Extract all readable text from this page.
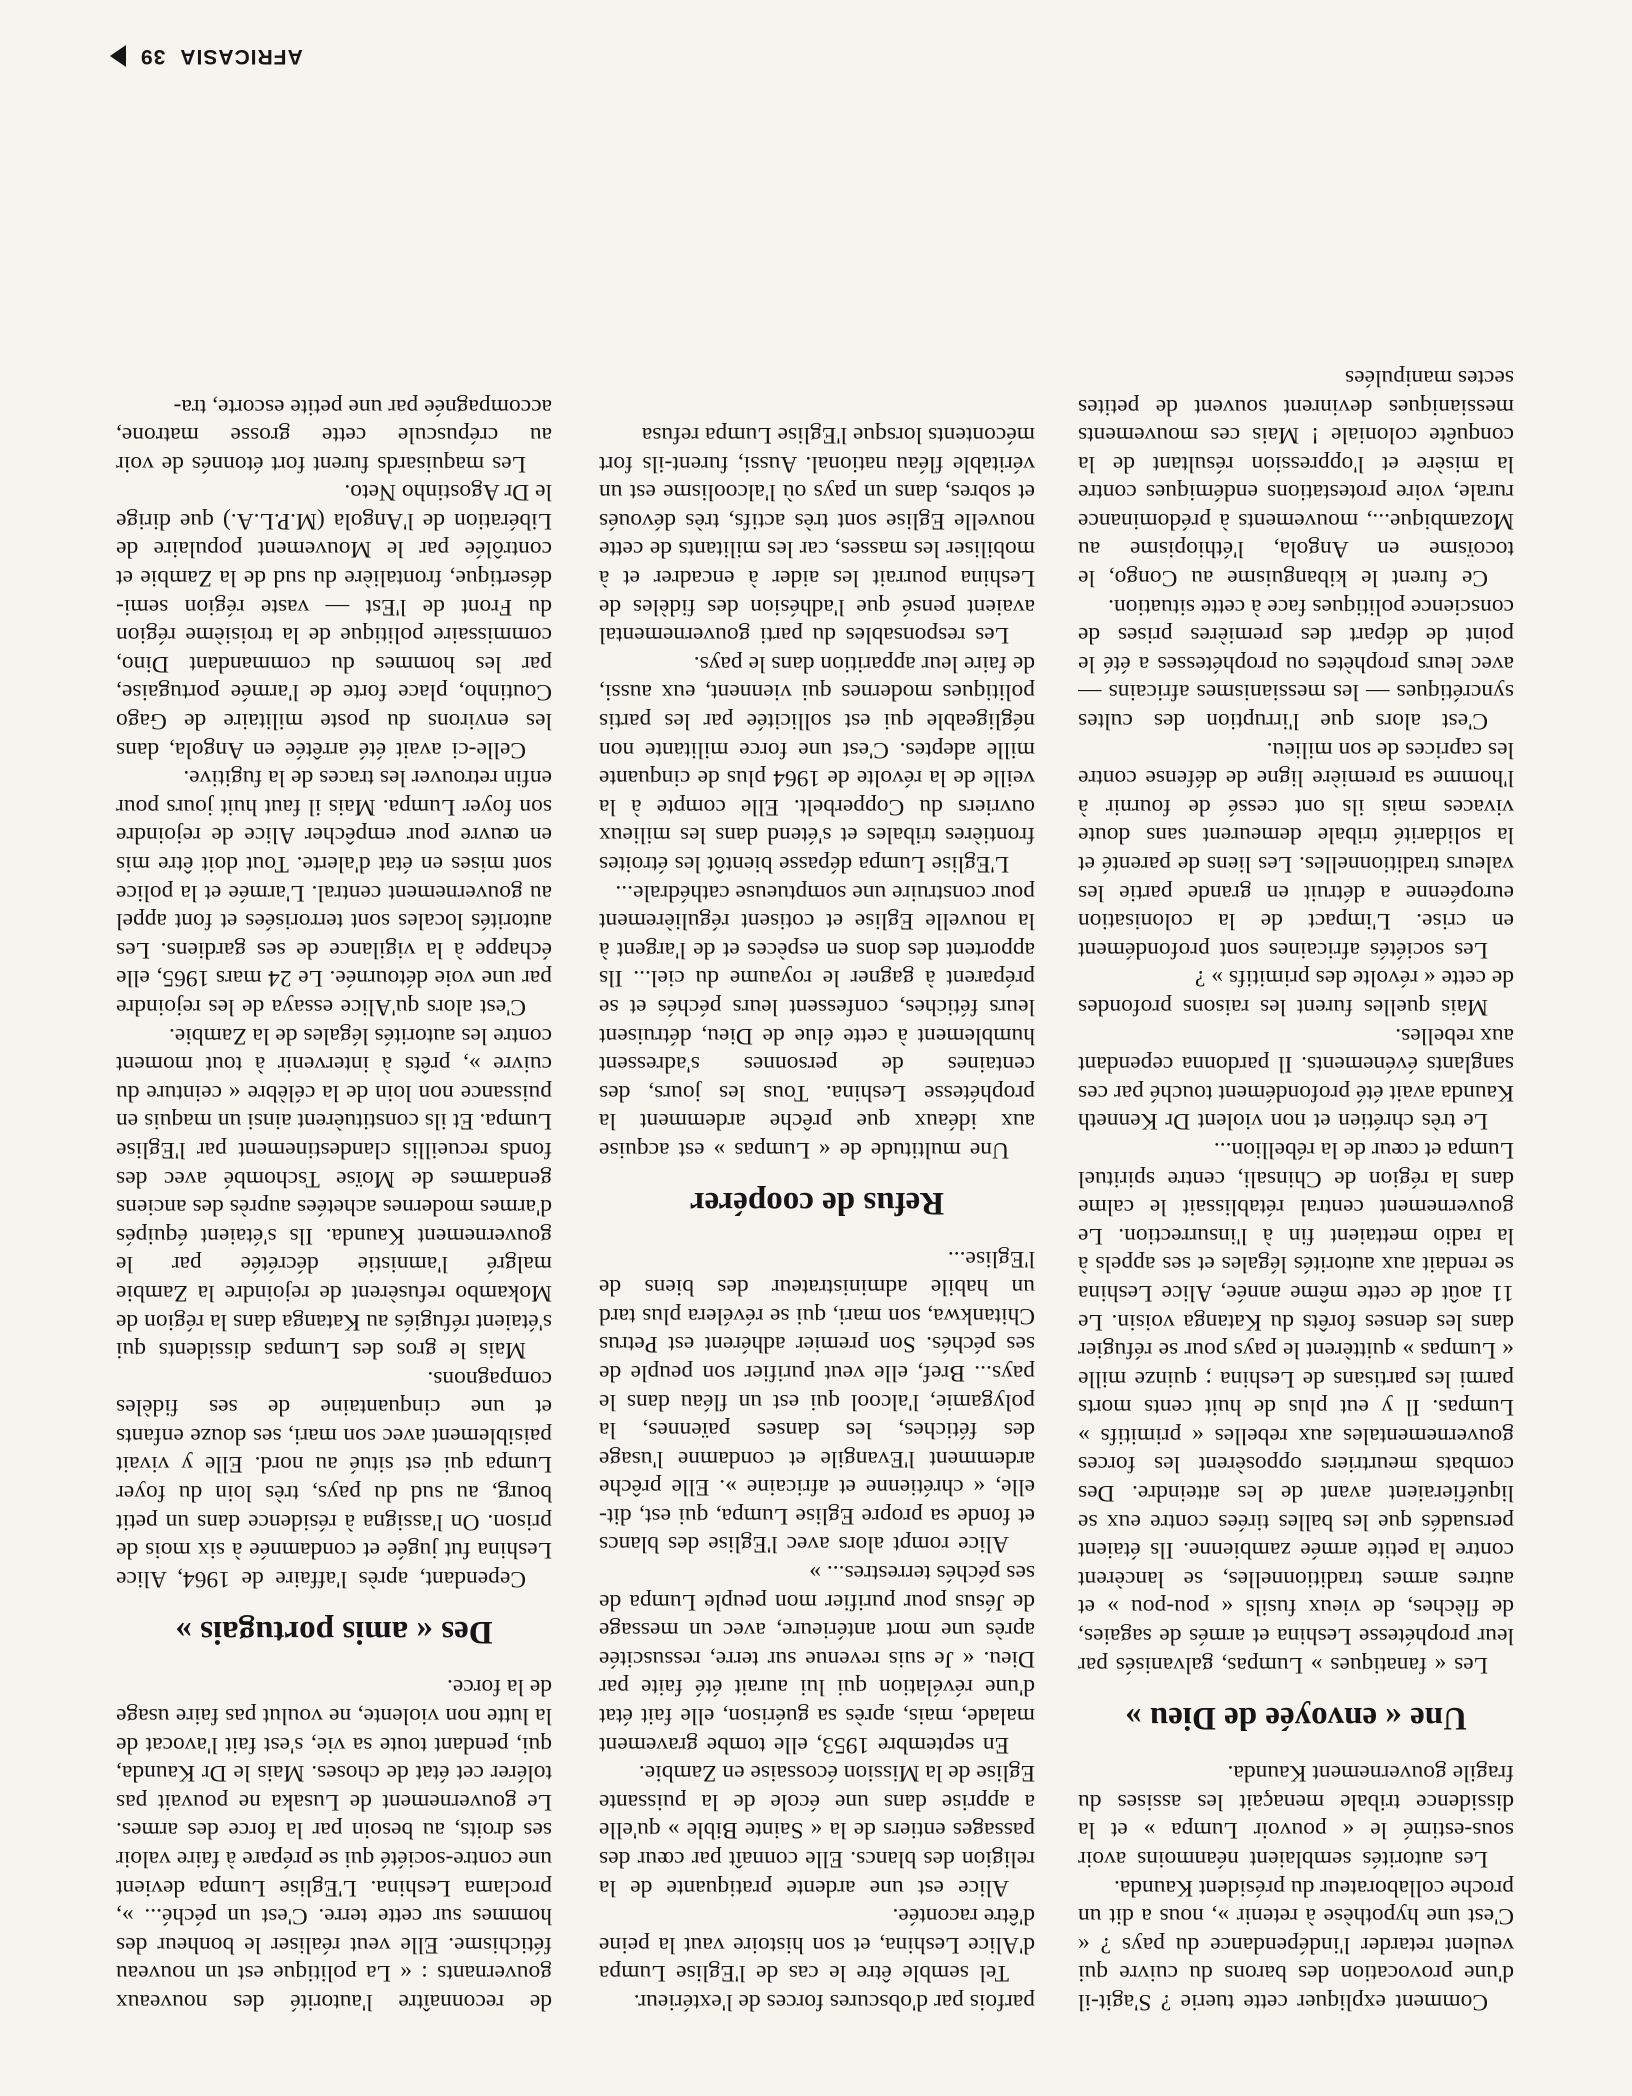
AFRICASIA
39

Comment expliquer cette tuerie ? S'agit-il d'une provocation des barons du cuivre qui veulent retarder l'indépendance du pays ? « C'est une hypothèse à retenir », nous a dit un proche collaborateur du président Kaunda.

Les autorités semblaient néanmoins avoir sous-estimé le « pouvoir Lumpa » et la dissidence tribale menaçait les assises du fragile gouvernement Kaunda.

Une « envoyée de Dieu »

Les « fanatiques » Lumpas, galvanisés par leur prophétesse Leshina et armés de sagaies, de flèches, de vieux fusils « pou-pou » et autres armes traditionnelles, se lancèrent contre la petite armée zambienne. Ils étaient persuadés que les balles tirées contre eux se liquéfieraient avant de les atteindre. Des combats meurtriers opposèrent les forces gouvernementales aux rebelles « primitifs » Lumpas. Il y eut plus de huit cents morts parmi les partisans de Leshina ; quinze mille « Lumpas » quittèrent le pays pour se réfugier dans les denses forêts du Katanga voisin. Le 11 août de cette même année, Alice Leshina se rendait aux autorités légales et ses appels à la radio mettaient fin à l'insurrection. Le gouvernement central rétablissait le calme dans la région de Chinsali, centre spirituel Lumpa et cœur de la rébellion...

Le très chrétien et non violent Dr Kenneth Kaunda avait été profondément touché par ces sanglants événements. Il pardonna cependant aux rebelles.

Mais quelles furent les raisons profondes de cette « révolte des primitifs » ?

Les sociétés africaines sont profondément en crise. L'impact de la colonisation européenne a détruit en grande partie les valeurs traditionnelles. Les liens de parenté et la solidarité tribale demeurent sans doute vivaces mais ils ont cessé de fournir à l'homme sa première ligne de défense contre les caprices de son milieu.

C'est alors que l'irruption des cultes syncrétiques — les messianismes africains — avec leurs prophètes ou prophétesses a été le point de départ des premières prises de conscience politiques face à cette situation.

Ce furent le kibanguisme au Congo, le tocoïsme en Angola, l'éthiopisme au Mozambique..., mouvements à prédominance rurale, voire protestations endémiques contre la misère et l'oppression résultant de la conquête coloniale ! Mais ces mouvements messianiques devinrent souvent de petites sectes manipulées

parfois par d'obscures forces de l'extérieur.

Tel semble être le cas de l'Eglise Lumpa d'Alice Leshina, et son histoire vaut la peine d'être racontée.

Alice est une ardente pratiquante de la religion des blancs. Elle connaît par cœur des passages entiers de la « Sainte Bible » qu'elle a apprise dans une école de la puissante Eglise de la Mission écossaise en Zambie.

En septembre 1953, elle tombe gravement malade, mais, après sa guérison, elle fait état d'une révélation qui lui aurait été faite par Dieu. « Je suis revenue sur terre, ressuscitée après une mort antérieure, avec un message de Jésus pour purifier mon peuple Lumpa de ses péchés terrestres... »

Alice rompt alors avec l'Eglise des blancs et fonde sa propre Eglise Lumpa, qui est, dit-elle, « chrétienne et africaine ». Elle prêche ardemment l'Evangile et condamne l'usage des fétiches, les danses païennes, la polygamie, l'alcool qui est un fléau dans le pays... Bref, elle veut purifier son peuple de ses péchés. Son premier adhérent est Petrus Chitankwa, son mari, qui se révélera plus tard un habile administrateur des biens de l'Eglise...

Refus de coopérer

Une multitude de « Lumpas » est acquise aux idéaux que prêche ardemment la prophétesse Leshina. Tous les jours, des centaines de personnes s'adressent humblement à cette élue de Dieu, détruisent leurs fétiches, confessent leurs péchés et se préparent à gagner le royaume du ciel... Ils apportent des dons en espèces et de l'argent à la nouvelle Eglise et cotisent régulièrement pour construire une somptueuse cathédrale...

L'Eglise Lumpa dépasse bientôt les étroites frontières tribales et s'étend dans les milieux ouvriers du Copperbelt. Elle compte à la veille de la révolte de 1964 plus de cinquante mille adeptes. C'est une force militante non négligeable qui est sollicitée par les partis politiques modernes qui viennent, eux aussi, de faire leur apparition dans le pays.

Les responsables du parti gouvernemental avaient pensé que l'adhésion des fidèles de Leshina pourrait les aider à encadrer et à mobiliser les masses, car les militants de cette nouvelle Eglise sont très actifs, très dévoués et sobres, dans un pays où l'alcoolisme est un véritable fléau national. Aussi, furent-ils fort mécontents lorsque l'Eglise Lumpa refusa

de reconnaître l'autorité des nouveaux gouvernants : « La politique est un nouveau fétichisme. Elle veut réaliser le bonheur des hommes sur cette terre. C'est un péché... », proclama Leshina. L'Eglise Lumpa devient une contre-société qui se prépare à faire valoir ses droits, au besoin par la force des armes. Le gouvernement de Lusaka ne pouvait pas tolérer cet état de choses. Mais le Dr Kaunda, qui, pendant toute sa vie, s'est fait l'avocat de la lutte non violente, ne voulut pas faire usage de la force.

Des « amis portugais »

Cependant, après l'affaire de 1964, Alice Leshina fut jugée et condamnée à six mois de prison. On l'assigna à résidence dans un petit bourg, au sud du pays, très loin du foyer Lumpa qui est situé au nord. Elle y vivait paisiblement avec son mari, ses douze enfants et une cinquantaine de ses fidèles compagnons.

Mais le gros des Lumpas dissidents qui s'étaient réfugiés au Katanga dans la région de Mokambo refusèrent de rejoindre la Zambie malgré l'amnistie décrétée par le gouvernement Kaunda. Ils s'étaient équipés d'armes modernes achetées auprès des anciens gendarmes de Moïse Tschombé avec des fonds recueillis clandestinement par l'Eglise Lumpa. Et ils constituèrent ainsi un maquis en puissance non loin de la célèbre « ceinture du cuivre », prêts à intervenir à tout moment contre les autorités légales de la Zambie.

C'est alors qu'Alice essaya de les rejoindre par une voie détournée. Le 24 mars 1965, elle échappe à la vigilance de ses gardiens. Les autorités locales sont terrorisées et font appel au gouvernement central. L'armée et la police sont mises en état d'alerte. Tout doit être mis en œuvre pour empêcher Alice de rejoindre son foyer Lumpa. Mais il faut huit jours pour enfin retrouver les traces de la fugitive.

Celle-ci avait été arrêtée en Angola, dans les environs du poste militaire de Gago Coutinho, place forte de l'armée portugaise, par les hommes du commandant Dino, commissaire politique de la troisième région du Front de l'Est — vaste région semi-désertique, frontalière du sud de la Zambie et contrôlée par le Mouvement populaire de Libération de l'Angola (M.P.L.A.) que dirige le Dr Agostinho Neto.

Les maquisards furent fort étonnés de voir au crépuscule cette grosse matrone, accompagnée par une petite escorte, tra-
